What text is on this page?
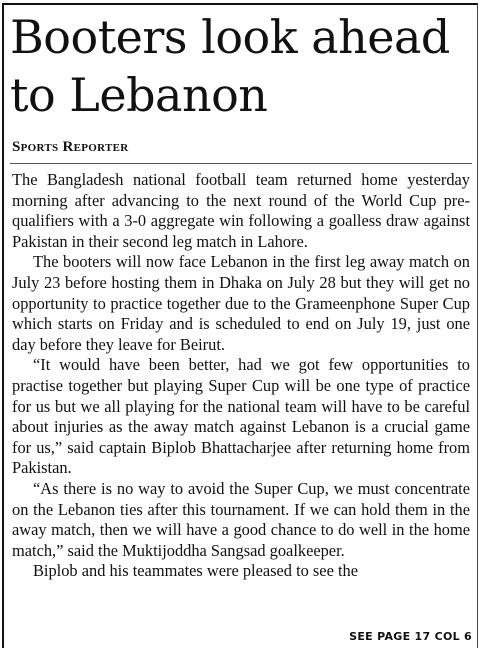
Booters look ahead to Lebanon
Sports Reporter

The Bangladesh national football team returned home yesterday morning after advancing to the next round of the World Cup pre-qualifiers with a 3-0 aggregate win following a goalless draw against Pakistan in their second leg match in Lahore.

The booters will now face Lebanon in the first leg away match on July 23 before hosting them in Dhaka on July 28 but they will get no opportunity to practice together due to the Grameenphone Super Cup which starts on Friday and is scheduled to end on July 19, just one day before they leave for Beirut.

“It would have been better, had we got few opportunities to practise together but playing Super Cup will be one type of practice for us but we all playing for the national team will have to be careful about injuries as the away match against Lebanon is a crucial game for us,” said captain Biplob Bhattacharjee after returning home from Pakistan.

“As there is no way to avoid the Super Cup, we must concentrate on the Lebanon ties after this tournament. If we can hold them in the away match, then we will have a good chance to do well in the home match,” said the Muktijoddha Sangsad goalkeeper.

Biplob and his teammates were pleased to see the

SEE PAGE 17 COL 6
